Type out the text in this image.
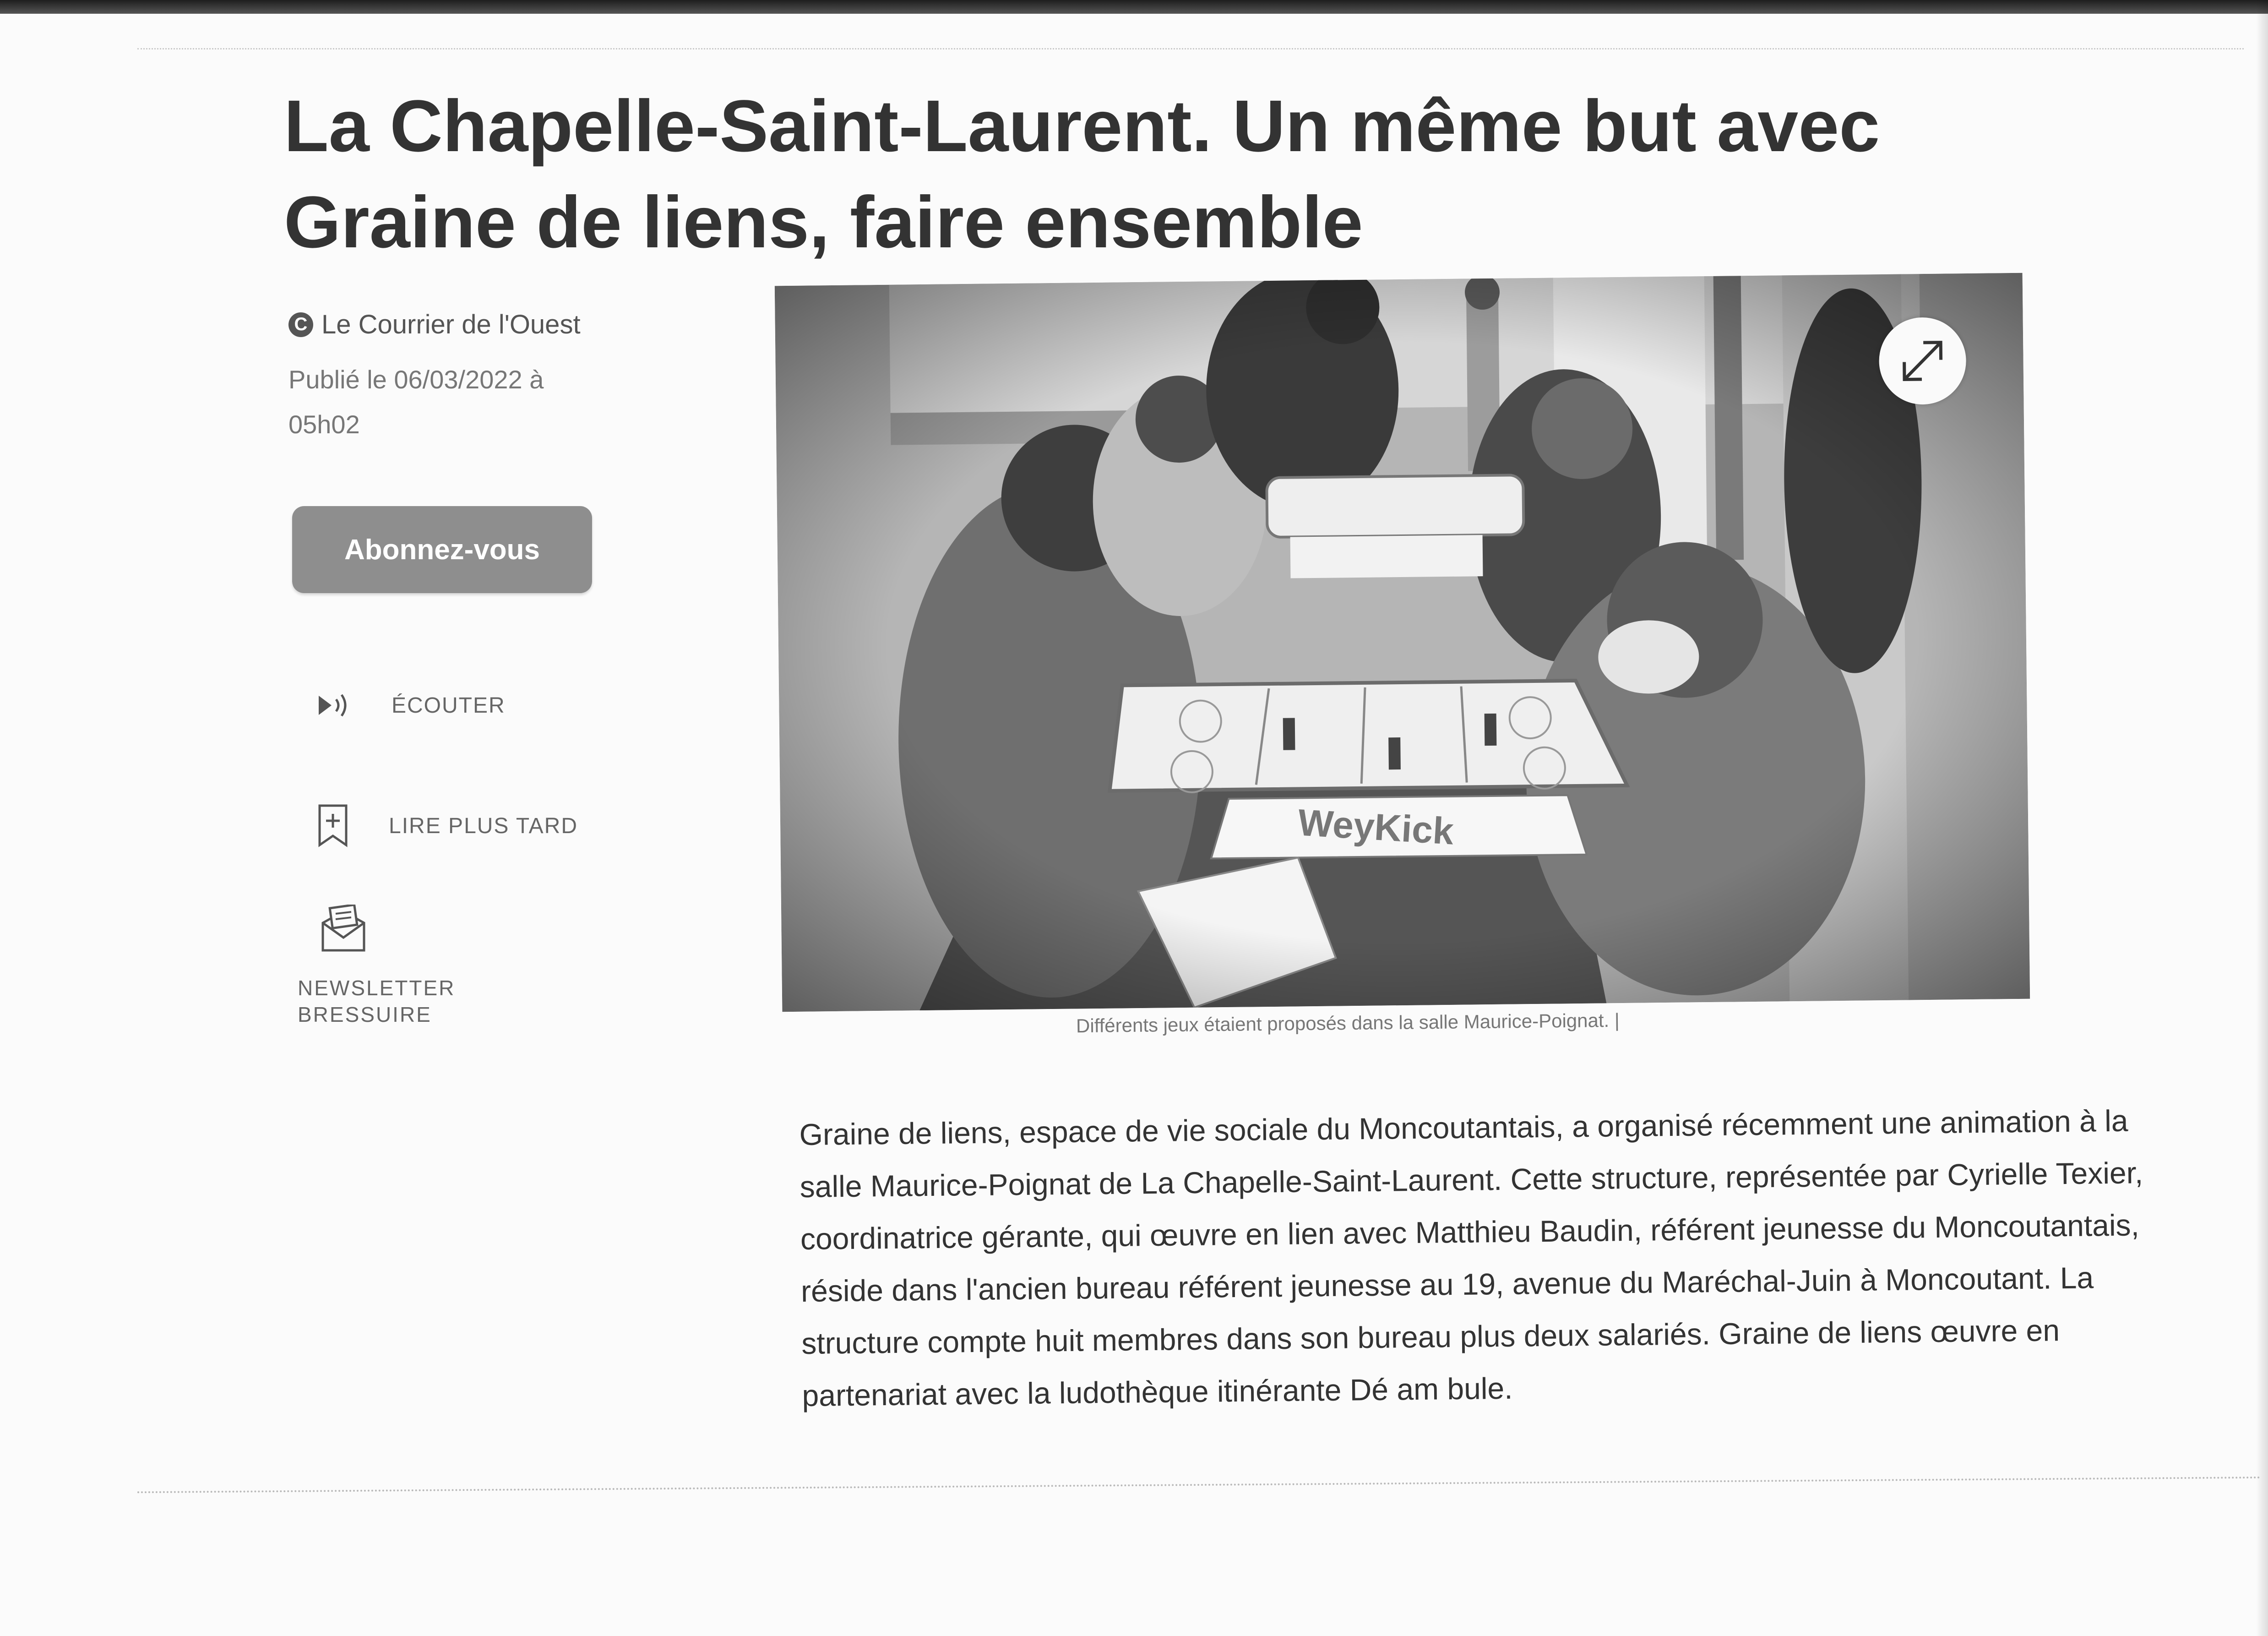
La Chapelle-Saint-Laurent. Un même but avec Graine de liens, faire ensemble
C Le Courrier de l'Ouest
Publié le 06/03/2022 à 05h02
Abonnez-vous
ÉCOUTER
LIRE PLUS TARD
NEWSLETTER
BRESSUIRE	Différents jeux étaient proposés dans la salle Maurice-Poignat. |

Graine de liens, espace de vie sociale du Moncoutantais, a organisé récemment une animation à la salle Maurice-Poignat de La Chapelle-Saint-Laurent. Cette structure, représentée par Cyrielle Texier, coordinatrice gérante, qui œuvre en lien avec Matthieu Baudin, référent jeunesse du Moncoutantais, réside dans l'ancien bureau référent jeunesse au 19, avenue du Maréchal-Juin à Moncoutant. La structure compte huit membres dans son bureau plus deux salariés. Graine de liens œuvre en partenariat avec la ludothèque itinérante Dé am bule.
